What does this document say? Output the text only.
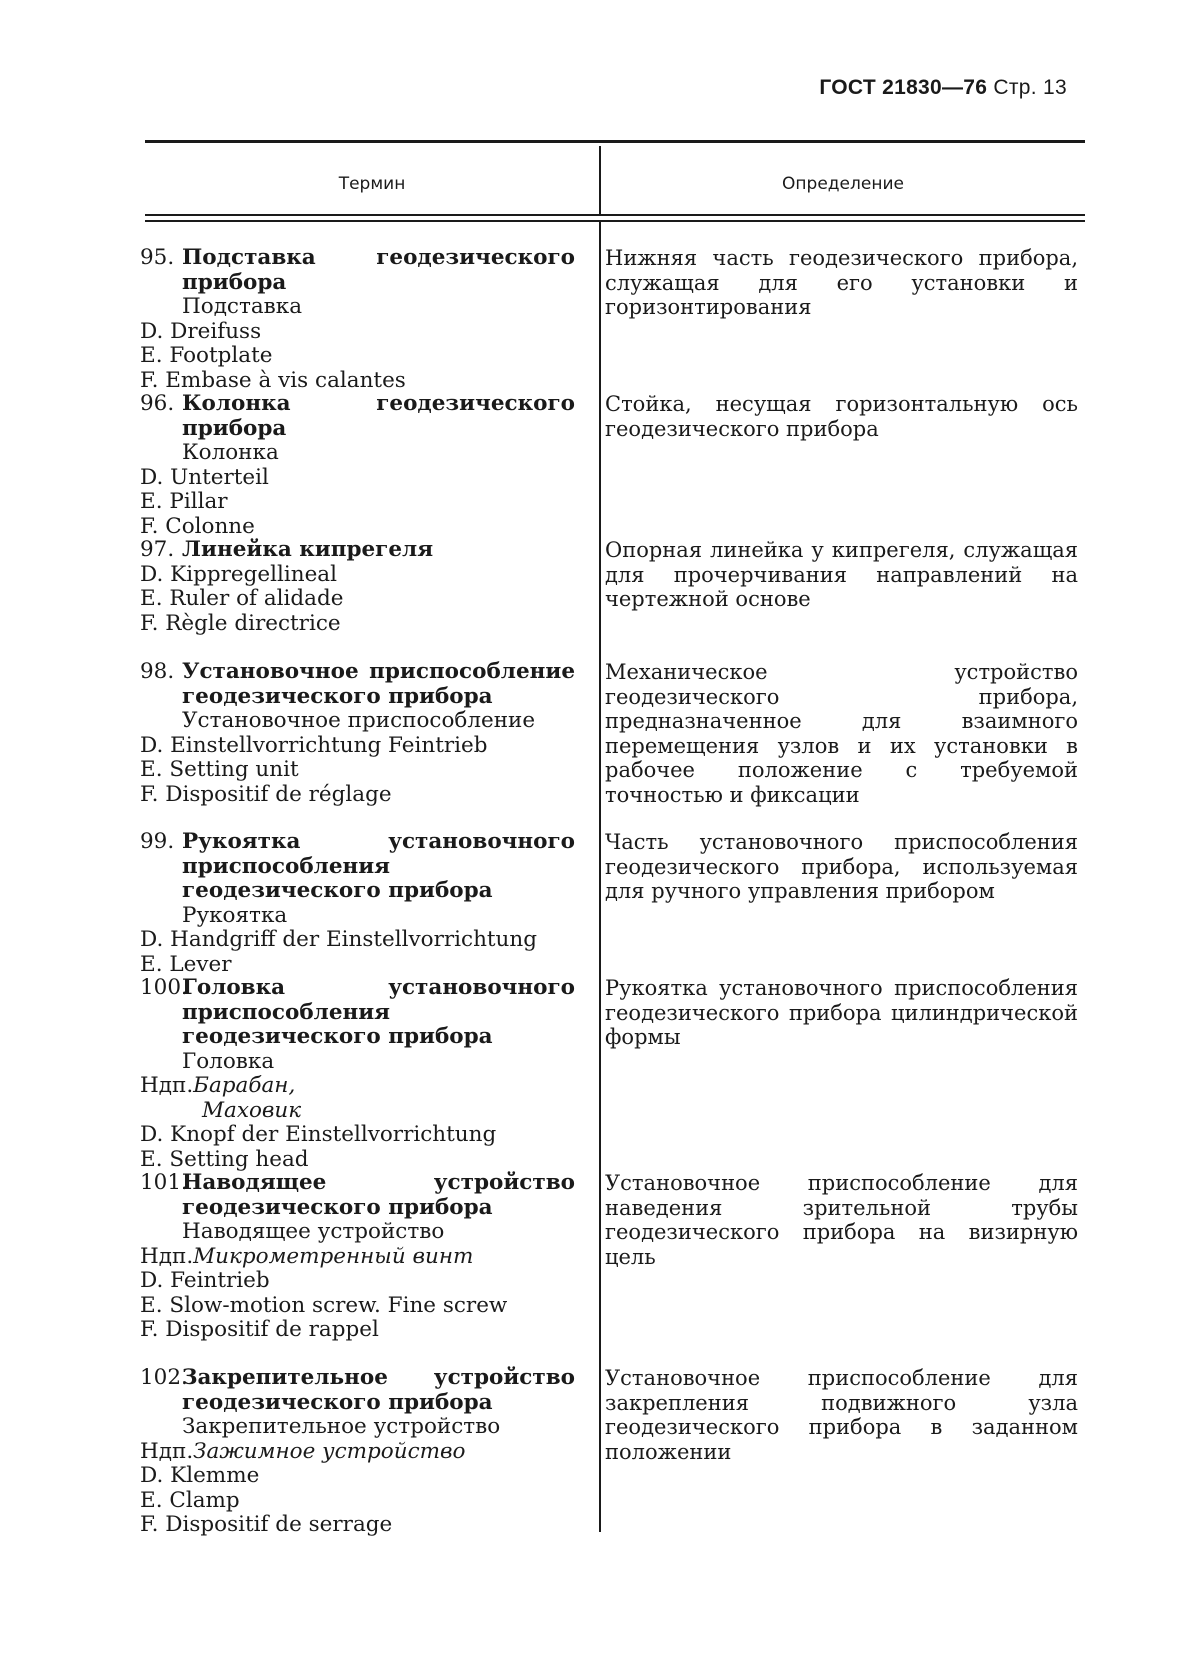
ГОСТ 21830—76 Стр. 13
Термин	Определение
95. Подставка геодезического прибора
Подставка
D. Dreifuss
E. Footplate
F. Embase à vis calantes
Нижняя часть геодезического прибора, служащая для его установки и горизонтирования
96. Колонка геодезического прибора
Колонка
D. Unterteil
E. Pillar
F. Colonne
Стойка, несущая горизонтальную ось геодезического прибора
97. Линейка кипрегеля
D. Kippregellineal
E. Ruler of alidade
F. Règle directrice
Опорная линейка у кипрегеля, служащая для прочерчивания направлений на чертежной основе
98. Установочное приспособление геодезического прибора
Установочное приспособление
D. Einstellvorrichtung Feintrieb
E. Setting unit
F. Dispositif de réglage
Механическое устройство геодезического прибора, предназначенное для взаимного перемещения узлов и их установки в рабочее положение с требуемой точностью и фиксации
99. Рукоятка установочного приспособления геодезического прибора
Рукоятка
D. Handgriff der Einstellvorrichtung
E. Lever
Часть установочного приспособления геодезического прибора, используемая для ручного управления прибором
100.
Головка установочного приспособления геодезического прибора
Головка
Ндп. Барабан,
Маховик
D. Knopf der Einstellvorrichtung
E. Setting head
Рукоятка установочного приспособления геодезического прибора цилиндрической формы
101.
Наводящее устройство геодезического прибора
Наводящее устройство
Ндп. Микрометренный винт
D. Feintrieb
E. Slow-motion screw. Fine screw
F. Dispositif de rappel
Установочное приспособление для наведения зрительной трубы геодезического прибора на визирную цель
102.
Закрепительное устройство геодезического прибора
Закрепительное устройство
Ндп. Зажимное устройство
D. Klemme
E. Clamp
F. Dispositif de serrage
Установочное приспособление для закрепления подвижного узла геодезического прибора в заданном положении
